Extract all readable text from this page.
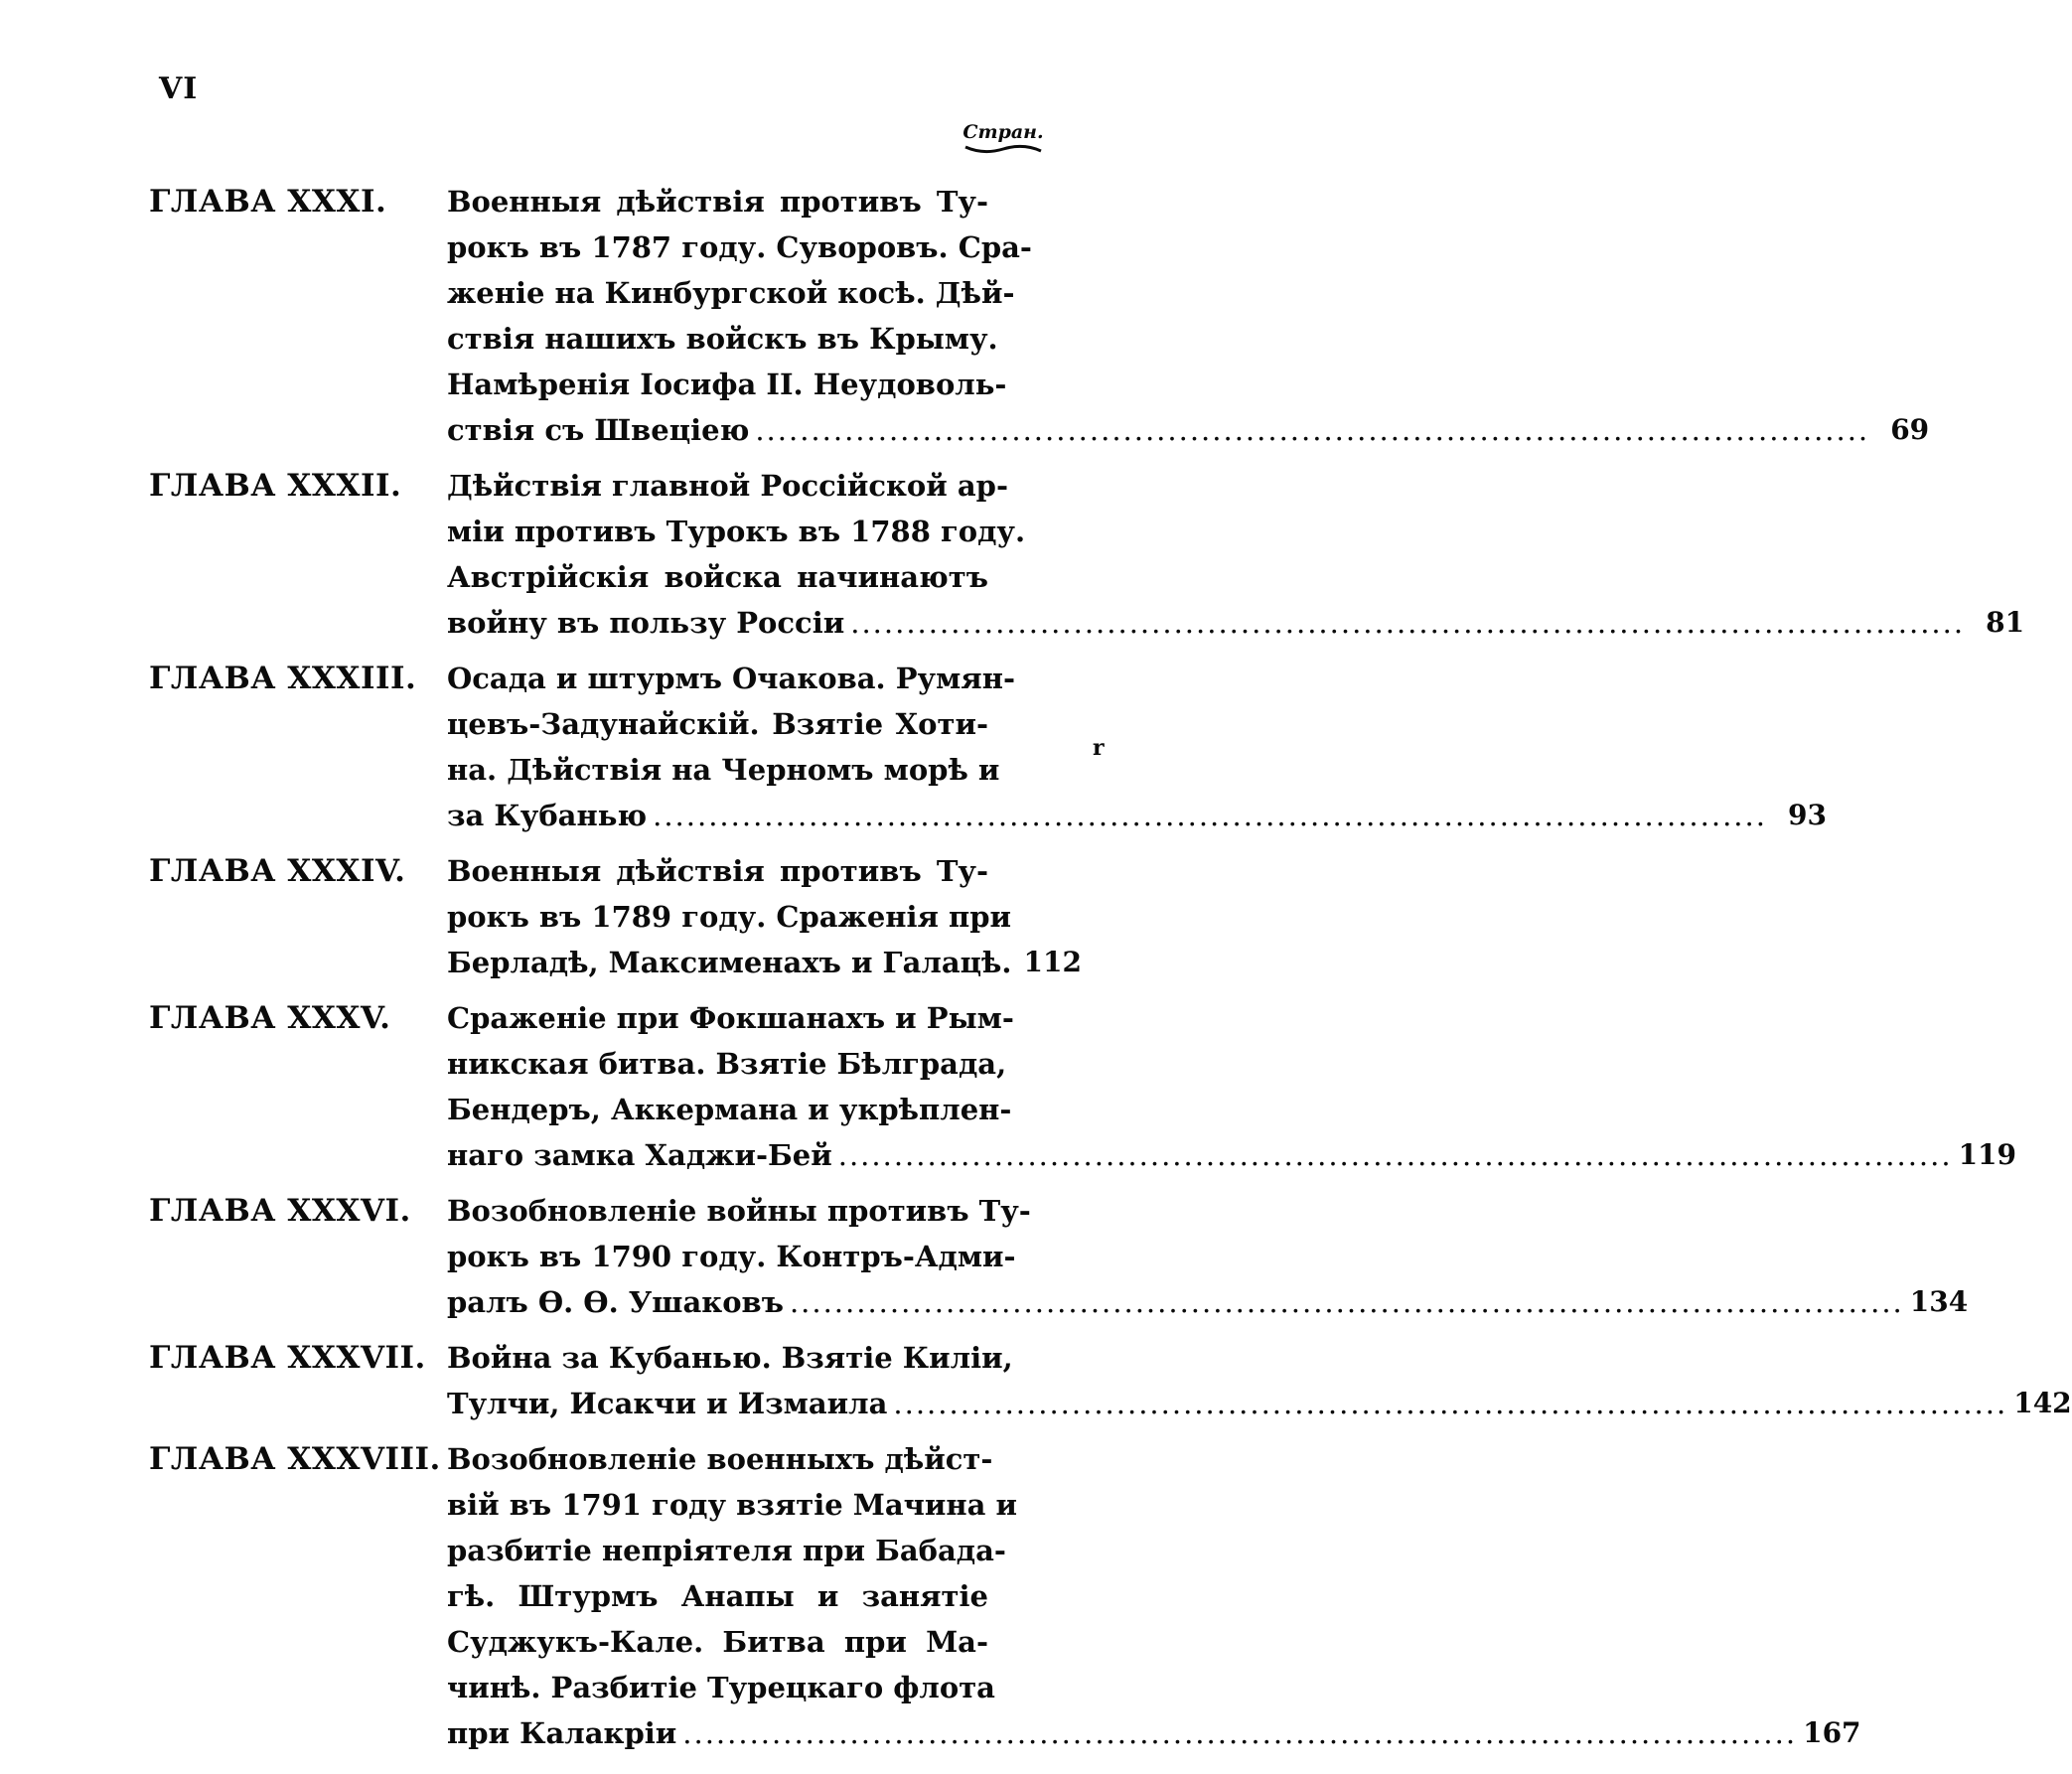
VI
Стран.
r
ГЛАВА XXXI.	Военныя дѣйствія противъ Ту-
рокъ въ 1787 году. Суворовъ. Сра-
женіе на Кинбургской косѣ. Дѣй-
ствія нашихъ войскъ въ Крыму.
Намѣренія Іосифа II. Неудоволь-
ствія съ Швеціею .....	69
ГЛАВА XXXII.	Дѣйствія главной Россійской ар-
міи противъ Турокъ въ 1788 году.
Австрійскія войска начинаютъ
войну въ пользу Россіи .....	81
ГЛАВА XXXIII.	Осада и штурмъ Очакова. Румян-
цевъ-Задунайскій. Взятіе Хоти-
на. Дѣйствія на Черномъ морѣ и
за Кубанью .....	93
ГЛАВА XXXIV.	Военныя дѣйствія противъ Ту-
рокъ въ 1789 году. Сраженія при
Берладѣ, Максименахъ и Галацѣ. 112
ГЛАВА XXXV.	Сраженіе при Фокшанахъ и Рым-
никская битва. Взятіе Бѣлграда,
Бендеръ, Аккермана и укрѣплен-
наго замка Хаджи-Бей .....	119
ГЛАВА XXXVI.	Возобновленіе войны противъ Ту-
рокъ въ 1790 году. Контръ-Адми-
ралъ Ѳ. Ѳ. Ушаковъ .....	134
ГЛАВА XXXVII. Война за Кубанью. Взятіе Киліи,
Тулчи, Исакчи и Измаила .....	142
ГЛАВА XXXVIII. Возобновленіе военныхъ дѣйст-
вій въ 1791 году взятіе Мачина и
разбитіе непріятеля при Бабада-
гѣ. Штурмъ Анапы и занятіе
Суджукъ-Кале. Битва при Ма-
чинѣ. Разбитіе Турецкаго флота
при Калакріи .....	167
